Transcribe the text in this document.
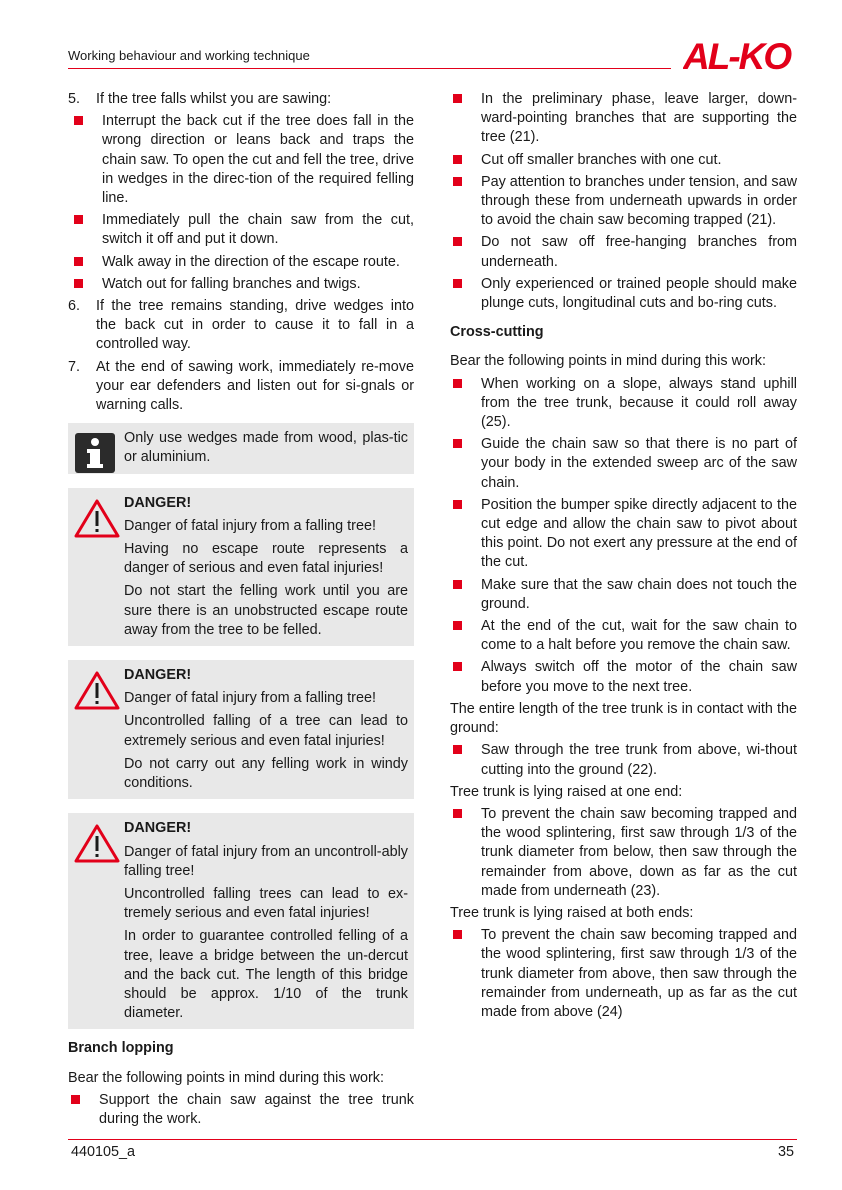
Working behaviour and working technique	AL-KO
5. If the tree falls whilst you are sawing:
Interrupt the back cut if the tree does fall in the wrong direction or leans back and traps the chain saw. To open the cut and fell the tree, drive in wedges in the direc-tion of the required felling line.
Immediately pull the chain saw from the cut, switch it off and put it down.
Walk away in the direction of the escape route.
Watch out for falling branches and twigs.
6. If the tree remains standing, drive wedges into the back cut in order to cause it to fall in a controlled way.
7. At the end of sawing work, immediately re-move your ear defenders and listen out for si-gnals or warning calls.

Only use wedges made from wood, plas-tic or aluminium.

DANGER!

Danger of fatal injury from a falling tree!

Having no escape route represents a danger of serious and even fatal injuries!

Do not start the felling work until you are sure there is an unobstructed escape route away from the tree to be felled.

DANGER!

Danger of fatal injury from a falling tree!

Uncontrolled falling of a tree can lead to extremely serious and even fatal injuries!

Do not carry out any felling work in windy conditions.

DANGER!

Danger of fatal injury from an uncontroll-ably falling tree!

Uncontrolled falling trees can lead to ex-tremely serious and even fatal injuries!

In order to guarantee controlled felling of a tree, leave a bridge between the un-dercut and the back cut. The length of this bridge should be approx. 1/10 of the trunk diameter.

Branch lopping

Bear the following points in mind during this work:

Support the chain saw against the tree trunk during the work.
In the preliminary phase, leave larger, down-ward-pointing branches that are supporting the tree (21).
Cut off smaller branches with one cut.
Pay attention to branches under tension, and saw through these from underneath upwards in order to avoid the chain saw becoming trapped (21).
Do not saw off free-hanging branches from underneath.
Only experienced or trained people should make plunge cuts, longitudinal cuts and bo-ring cuts.

Cross-cutting

Bear the following points in mind during this work:

When working on a slope, always stand uphill from the tree trunk, because it could roll away (25).
Guide the chain saw so that there is no part of your body in the extended sweep arc of the saw chain.
Position the bumper spike directly adjacent to the cut edge and allow the chain saw to pivot about this point. Do not exert any pressure at the end of the cut.
Make sure that the saw chain does not touch the ground.
At the end of the cut, wait for the saw chain to come to a halt before you remove the chain saw.
Always switch off the motor of the chain saw before you move to the next tree.

The entire length of the tree trunk is in contact with the ground:

Saw through the tree trunk from above, wi-thout cutting into the ground (22).

Tree trunk is lying raised at one end:

To prevent the chain saw becoming trapped and the wood splintering, first saw through 1/3 of the trunk diameter from below, then saw through the remainder from above, down as far as the cut made from underneath (23).

Tree trunk is lying raised at both ends:

To prevent the chain saw becoming trapped and the wood splintering, first saw through 1/3 of the trunk diameter from above, then saw through the remainder from underneath, up as far as the cut made from above (24)
440105_a	35
